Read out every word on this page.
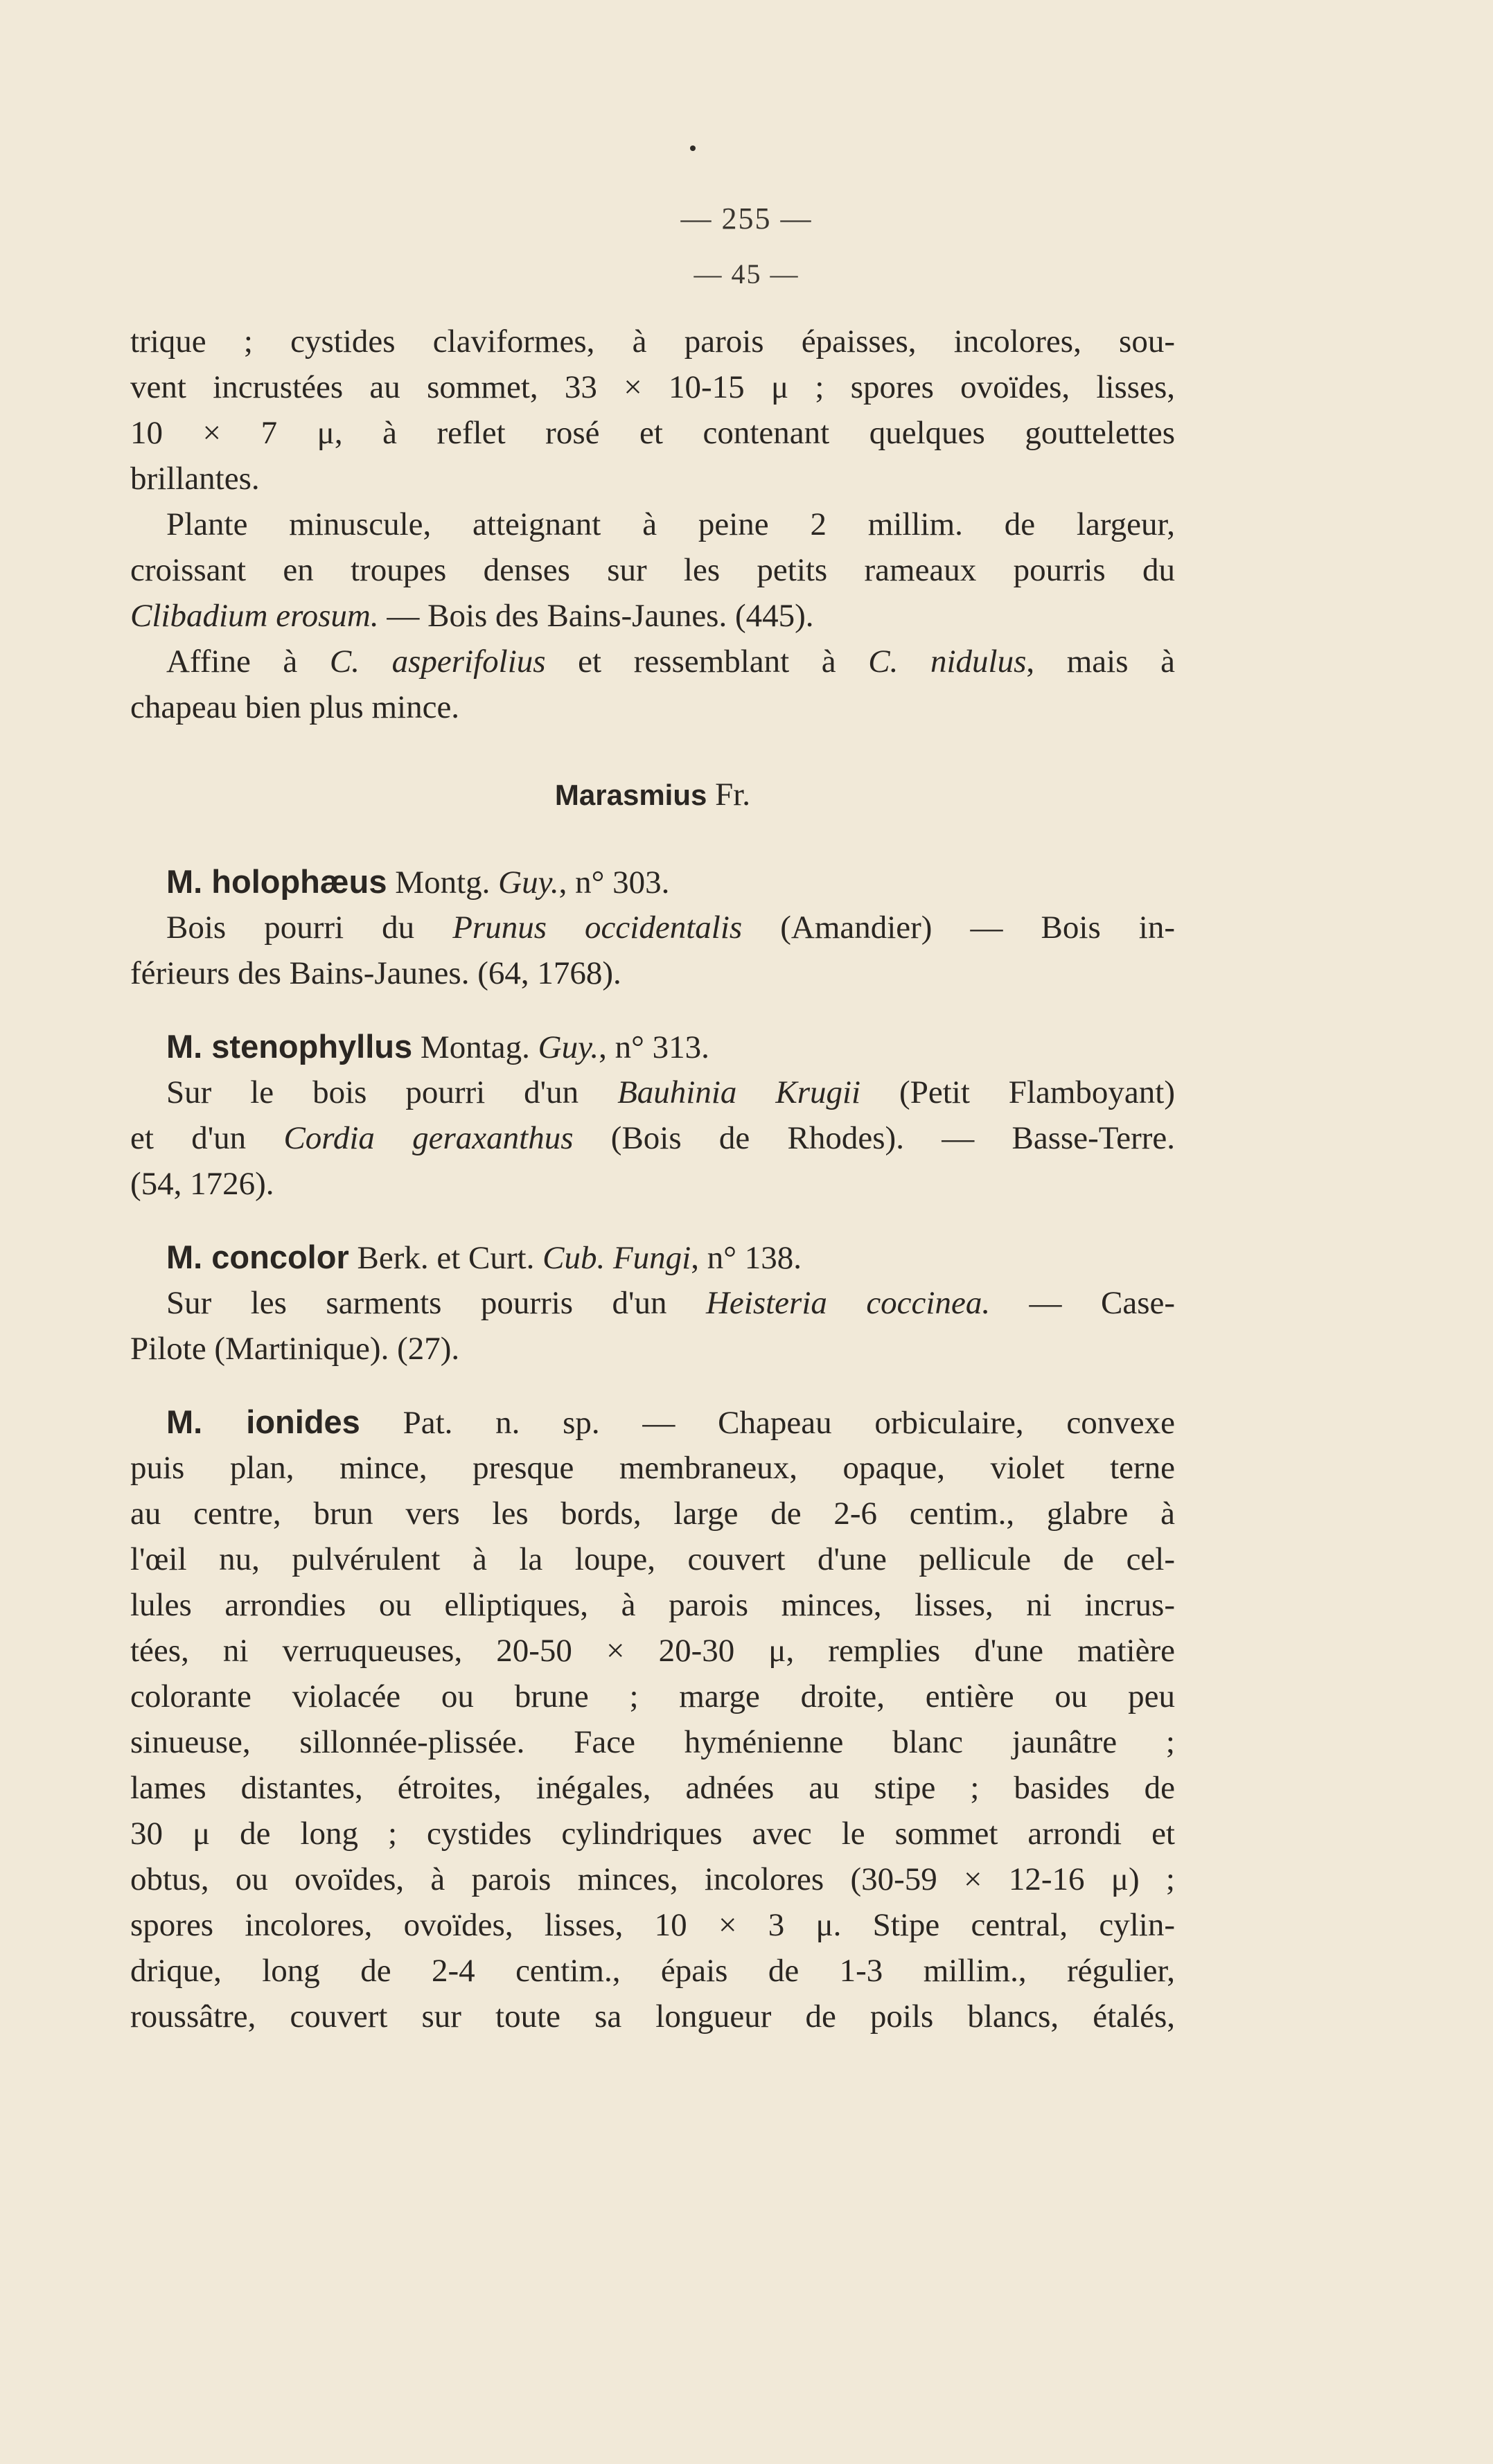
— 255 —
— 45 —
trique ; cystides claviformes, à parois épaisses, incolores, sou-
vent incrustées au sommet, 33 × 10-15 μ ; spores ovoïdes, lisses,
10 × 7 μ, à reflet rosé et contenant quelques gouttelettes
brillantes.
Plante minuscule, atteignant à peine 2 millim. de largeur,
croissant en troupes denses sur les petits rameaux pourris du
Clibadium erosum. — Bois des Bains-Jaunes. (445).
Affine à C. asperifolius et ressemblant à C. nidulus, mais à
chapeau bien plus mince.
Marasmius Fr.
M. holophæus Montg. Guy., n° 303.
Bois pourri du Prunus occidentalis (Amandier) — Bois in-
férieurs des Bains-Jaunes. (64, 1768).
M. stenophyllus Montag. Guy., n° 313.
Sur le bois pourri d'un Bauhinia Krugii (Petit Flamboyant)
et d'un Cordia geraxanthus (Bois de Rhodes). — Basse-Terre.
(54, 1726).
M. concolor Berk. et Curt. Cub. Fungi, n° 138.
Sur les sarments pourris d'un Heisteria coccinea. — Case-
Pilote (Martinique). (27).
M. ionides Pat. n. sp. — Chapeau orbiculaire, convexe
puis plan, mince, presque membraneux, opaque, violet terne
au centre, brun vers les bords, large de 2-6 centim., glabre à
l'œil nu, pulvérulent à la loupe, couvert d'une pellicule de cel-
lules arrondies ou elliptiques, à parois minces, lisses, ni incrus-
tées, ni verruqueuses, 20-50 × 20-30 μ, remplies d'une matière
colorante violacée ou brune ; marge droite, entière ou peu
sinueuse, sillonnée-plissée. Face hyménienne blanc jaunâtre ;
lames distantes, étroites, inégales, adnées au stipe ; basides de
30 μ de long ; cystides cylindriques avec le sommet arrondi et
obtus, ou ovoïdes, à parois minces, incolores (30-59 × 12-16 μ) ;
spores incolores, ovoïdes, lisses, 10 × 3 μ. Stipe central, cylin-
drique, long de 2-4 centim., épais de 1-3 millim., régulier,
roussâtre, couvert sur toute sa longueur de poils blancs, étalés,
